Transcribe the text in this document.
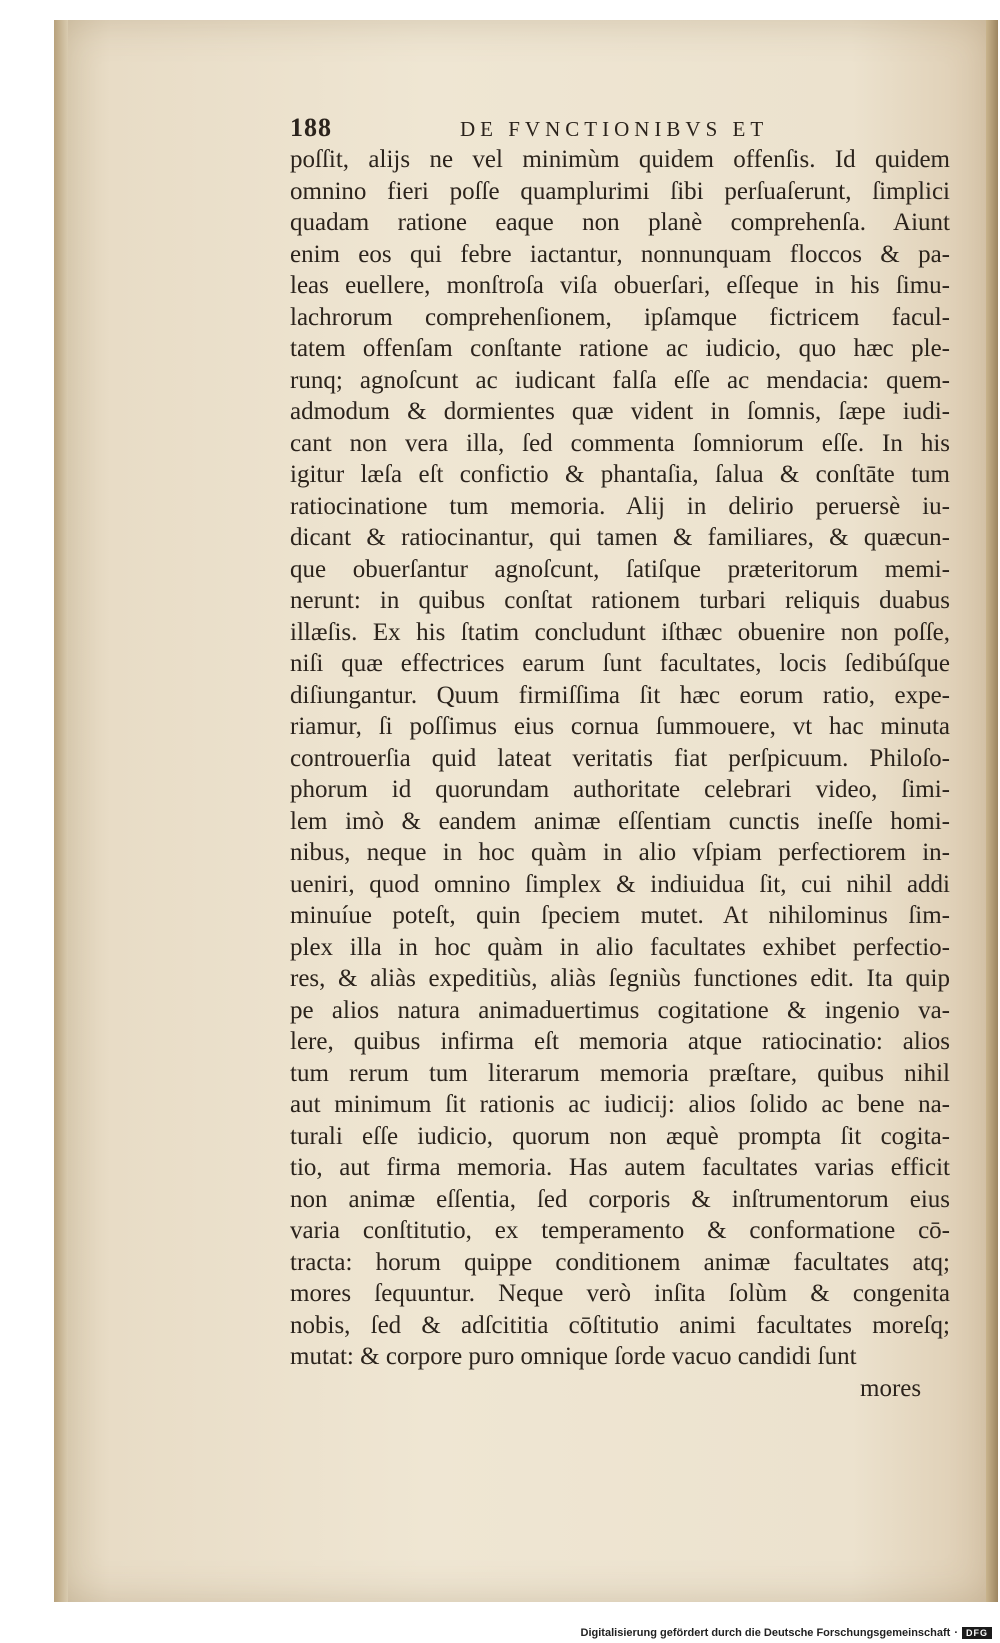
188	DE FVNCTIONIBVS ET
poſſit, alijs ne vel minimùm quidem offenſis. Id quidem
omnino fieri poſſe quamplurimi ſibi perſuaſerunt, ſimplici
quadam ratione eaque non planè comprehenſa. Aiunt
enim eos qui febre iactantur, nonnunquam floccos & pa-
leas euellere, monſtroſa viſa obuerſari, eſſeque in his ſimu-
lachrorum comprehenſionem, ipſamque fictricem facul-
tatem offenſam conſtante ratione ac iudicio, quo hæc ple-
runq; agnoſcunt ac iudicant falſa eſſe ac mendacia: quem-
admodum & dormientes quæ vident in ſomnis, ſæpe iudi-
cant non vera illa, ſed commenta ſomniorum eſſe. In his
igitur læſa eſt confictio & phantaſia, ſalua & conſtāte tum
ratiocinatione tum memoria. Alij in delirio peruersè iu-
dicant & ratiocinantur, qui tamen & familiares, & quæcun-
que obuerſantur agnoſcunt, ſatiſque præteritorum memi-
nerunt: in quibus conſtat rationem turbari reliquis duabus
illæſis. Ex his ſtatim concludunt iſthæc obuenire non poſſe,
niſi quæ effectrices earum ſunt facultates, locis ſedibúſque
diſiungantur. Quum firmiſſima ſit hæc eorum ratio, expe-
riamur, ſi poſſimus eius cornua ſummouere, vt hac minuta
controuerſia quid lateat veritatis fiat perſpicuum. Philoſo-
phorum id quorundam authoritate celebrari video, ſimi-
lem imò & eandem animæ eſſentiam cunctis ineſſe homi-
nibus, neque in hoc quàm in alio vſpiam perfectiorem in-
ueniri, quod omnino ſimplex & indiuidua ſit, cui nihil addi
minuíue poteſt, quin ſpeciem mutet. At nihilominus ſim-
plex illa in hoc quàm in alio facultates exhibet perfectio-
res, & aliàs expeditiùs, aliàs ſegniùs functiones edit. Ita quip
pe alios natura animaduertimus cogitatione & ingenio va-
lere, quibus infirma eſt memoria atque ratiocinatio: alios
tum rerum tum literarum memoria præſtare, quibus nihil
aut minimum ſit rationis ac iudicij: alios ſolido ac bene na-
turali eſſe iudicio, quorum non æquè prompta ſit cogita-
tio, aut firma memoria. Has autem facultates varias efficit
non animæ eſſentia, ſed corporis & inſtrumentorum eius
varia conſtitutio, ex temperamento & conformatione cō-
tracta: horum quippe conditionem animæ facultates atq;
mores ſequuntur. Neque verò inſita ſolùm & congenita
nobis, ſed & adſcititia cōſtitutio animi facultates moreſq;
mutat: & corpore puro omnique ſorde vacuo candidi ſunt
mores
Digitalisierung gefördert durch die Deutsche Forschungsgemeinschaft · DFG
